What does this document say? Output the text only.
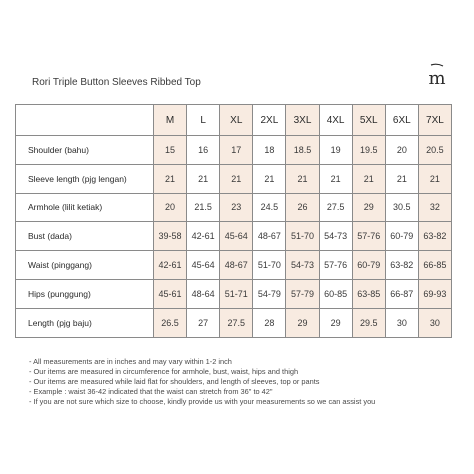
Rori Triple Button Sleeves Ribbed Top	m
	M	L	XL	2XL	3XL	4XL	5XL	6XL	7XL
Shoulder (bahu)	15	16	17	18	18.5	19	19.5	20	20.5
Sleeve length (pjg lengan)	21	21	21	21	21	21	21	21	21
Armhole (lilit ketiak)	20	21.5	23	24.5	26	27.5	29	30.5	32
Bust (dada)	39-58	42-61	45-64	48-67	51-70	54-73	57-76	60-79	63-82
Waist (pinggang)	42-61	45-64	48-67	51-70	54-73	57-76	60-79	63-82	66-85
Hips (punggung)	45-61	48-64	51-71	54-79	57-79	60-85	63-85	66-87	69-93
Length (pjg baju)	26.5	27	27.5	28	29	29	29.5	30	30
- All measurements are in inches and may vary within 1-2 inch
- Our items are measured in circumference for armhole, bust, waist, hips and thigh
- Our items are measured while laid flat for shoulders, and length of sleeves, top or pants
- Example : waist 36-42 indicated that the waist can stretch from 36" to 42"
- If you are not sure which size to choose, kindly provide us with your measurements so we can assist you
